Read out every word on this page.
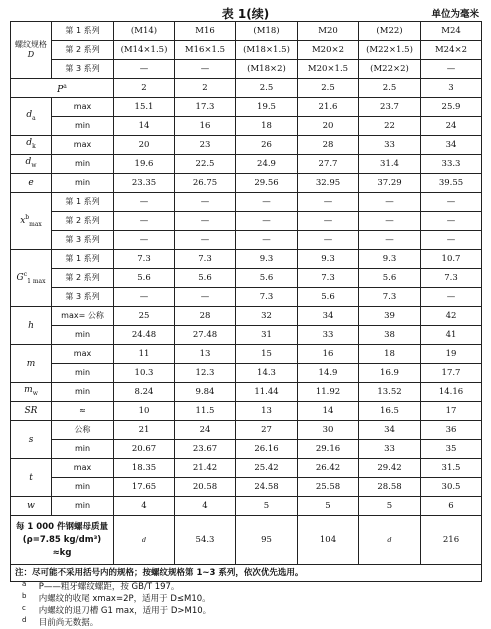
表 1(续)	单位为毫米
螺纹规格
D	第 1 系列	(M14)	M16	(M18)	M20	(M22)	M24
	第 2 系列	(M14×1.5)	M16×1.5	(M18×1.5)	M20×2	(M22×1.5)	M24×2
	第 3 系列	—	—	(M18×2)	M20×1.5	(M22×2)	—
$P^a$		2	2	2.5	2.5	2.5	3
$d_a$	max	15.1	17.3	19.5	21.6	23.7	25.9
	min	14	16	18	20	22	24
$d_k$	max	20	23	26	28	33	34
$d_w$	min	19.6	22.5	24.9	27.7	31.4	33.3
e	min	23.35	26.75	29.56	32.95	37.29	39.55
$x^b_{max}$	第 1 系列	—	—	—	—	—	—
	第 2 系列	—	—	—	—	—	—
	第 3 系列	—	—	—	—	—	—
$G^c_{1 max}$	第 1 系列	7.3	7.3	9.3	9.3	9.3	10.7
	第 2 系列	5.6	5.6	5.6	7.3	5.6	7.3
	第 3 系列	—	—	7.3	5.6	7.3	—
h	max= 公称	25	28	32	34	39	42
	min	24.48	27.48	31	33	38	41
m	max	11	13	15	16	18	19
	min	10.3	12.3	14.3	14.9	16.9	17.7
$m_w$	min	8.24	9.84	11.44	11.92	13.52	14.16
SR	≈	10	11.5	13	14	16.5	17
s	公称	21	24	27	30	34	36
	min	20.67	23.67	26.16	29.16	33	35
t	max	18.35	21.42	25.42	26.42	29.42	31.5
	min	17.65	20.58	24.58	25.58	28.58	30.5
w	min	4	4	5	5	5	6

每 1 000 件钢螺母质量
(ρ=7.85 kg/dm³)
≈kg		d	54.3	95	104	d	216
注：尽可能不采用括号内的规格；按螺纹规格第 1~3 系列，依次优先选用。							
a P——粗牙螺纹螺距，按 GB/T 197。
b 内螺纹的收尾 xmax=2P，适用于 D≤M10。
c 内螺纹的退刀槽 G1 max，适用于 D>M10。
d 目前尚无数据。
